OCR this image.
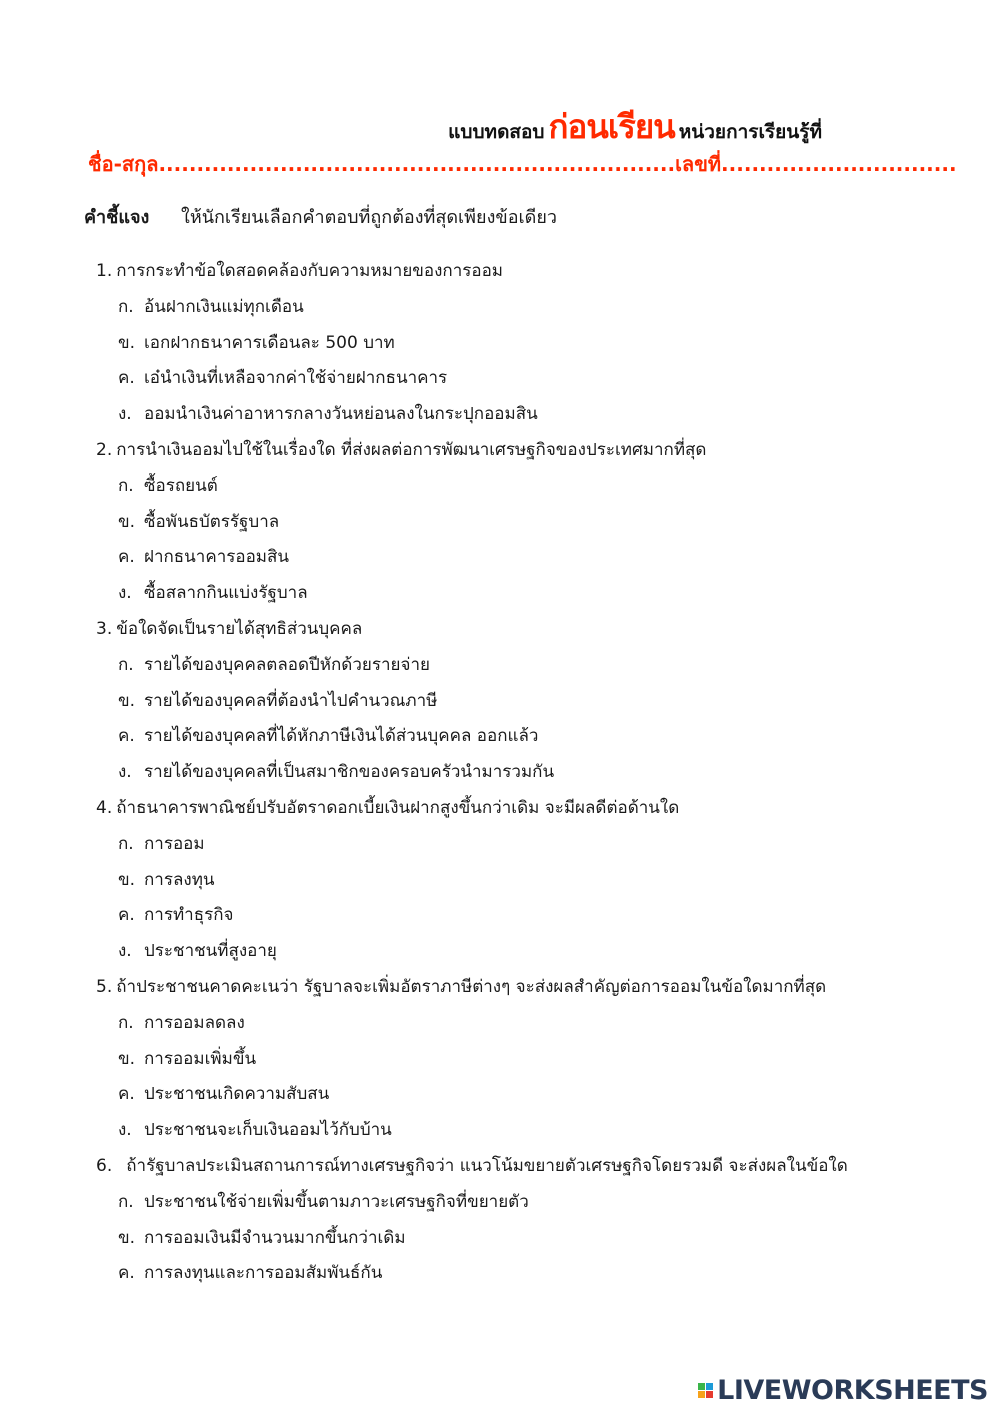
แบบทดสอบ ก่อนเรียน หน่วยการเรียนรู้ที่
ชื่อ-สกุล....................................................................เลขที่...............................
คำชี้แจง ให้นักเรียนเลือกคำตอบที่ถูกต้องที่สุดเพียงข้อเดียว
1. การกระทำข้อใดสอดคล้องกับความหมายของการออม
ก. อ้นฝากเงินแม่ทุกเดือน
ข. เอกฝากธนาคารเดือนละ 500 บาท
ค. เอ๋นำเงินที่เหลือจากค่าใช้จ่ายฝากธนาคาร
ง. ออมนำเงินค่าอาหารกลางวันหย่อนลงในกระปุกออมสิน
2. การนำเงินออมไปใช้ในเรื่องใด ที่ส่งผลต่อการพัฒนาเศรษฐกิจของประเทศมากที่สุด
ก. ซื้อรถยนต์
ข. ซื้อพันธบัตรรัฐบาล
ค. ฝากธนาคารออมสิน
ง. ซื้อสลากกินแบ่งรัฐบาล
3. ข้อใดจัดเป็นรายได้สุทธิส่วนบุคคล
ก. รายได้ของบุคคลตลอดปีหักด้วยรายจ่าย
ข. รายได้ของบุคคลที่ต้องนำไปคำนวณภาษี
ค. รายได้ของบุคคลที่ได้หักภาษีเงินได้ส่วนบุคคล ออกแล้ว
ง. รายได้ของบุคคลที่เป็นสมาชิกของครอบครัวนำมารวมกัน
4. ถ้าธนาคารพาณิชย์ปรับอัตราดอกเบี้ยเงินฝากสูงขึ้นกว่าเดิม จะมีผลดีต่อด้านใด
ก. การออม
ข. การลงทุน
ค. การทำธุรกิจ
ง. ประชาชนที่สูงอายุ
5. ถ้าประชาชนคาดคะเนว่า รัฐบาลจะเพิ่มอัตราภาษีต่างๆ จะส่งผลสำคัญต่อการออมในข้อใดมากที่สุด
ก. การออมลดลง
ข. การออมเพิ่มขึ้น
ค. ประชาชนเกิดความสับสน
ง. ประชาชนจะเก็บเงินออมไว้กับบ้าน
6. ถ้ารัฐบาลประเมินสถานการณ์ทางเศรษฐกิจว่า แนวโน้มขยายตัวเศรษฐกิจโดยรวมดี จะส่งผลในข้อใด
ก. ประชาชนใช้จ่ายเพิ่มขึ้นตามภาวะเศรษฐกิจที่ขยายตัว
ข. การออมเงินมีจำนวนมากขึ้นกว่าเดิม
ค. การลงทุนและการออมสัมพันธ์กัน
LIVEWORKSHEETS
